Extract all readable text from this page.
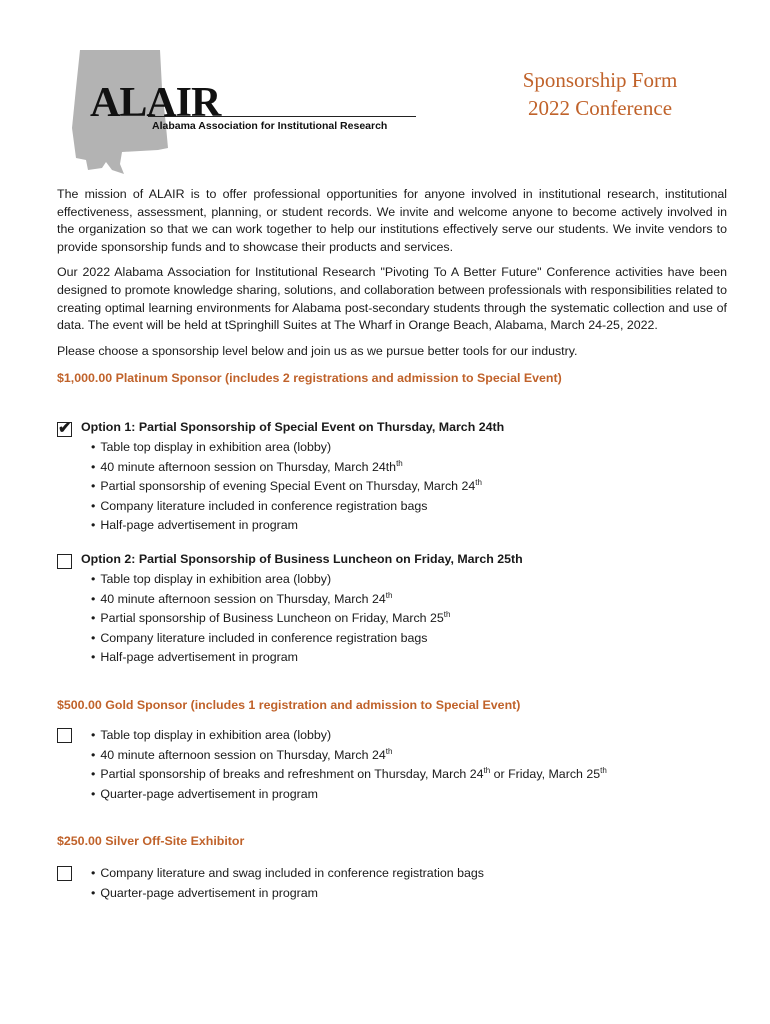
ALAIR
Alabama Association for Institutional Research
Sponsorship Form
2022 Conference

The mission of ALAIR is to offer professional opportunities for anyone involved in institutional research, institutional effectiveness, assessment, planning, or student records. We invite and welcome anyone to become actively involved in the organization so that we can work together to help our institutions effectively serve our students. We invite vendors to provide sponsorship funds and to showcase their products and services.

Our 2022 Alabama Association for Institutional Research "Pivoting To A Better Future" Conference activities have been designed to promote knowledge sharing, solutions, and collaboration between professionals with responsibilities related to creating optimal learning environments for Alabama post-secondary students through the systematic collection and use of data. The event will be held at tSpringhill Suites at The Wharf in Orange Beach, Alabama, March 24-25, 2022.

Please choose a sponsorship level below and join us as we pursue better tools for our industry.

$1,000.00 Platinum Sponsor (includes 2 registrations and admission to Special Event)
✔ Option 1: Partial Sponsorship of Special Event on Thursday, March 24th
• Table top display in exhibition area (lobby)
• 40 minute afternoon session on Thursday, March $24th^{th}$
• Partial sponsorship of evening Special Event on Thursday, March 24th
• Company literature included in conference registration bags
• Half-page advertisement in program
Option 2: Partial Sponsorship of Business Luncheon on Friday, March 25th
• Table top display in exhibition area (lobby)
• 40 minute afternoon session on Thursday, March 24th
• Partial sponsorship of Business Luncheon on Friday, March 25th
• Company literature included in conference registration bags
• Half-page advertisement in program
$500.00 Gold Sponsor (includes 1 registration and admission to Special Event)
• Table top display in exhibition area (lobby)
• 40 minute afternoon session on Thursday, March 24th
• Partial sponsorship of breaks and refreshment on Thursday, March 24th or Friday, March 25th
• Quarter-page advertisement in program
$250.00 Silver Off-Site Exhibitor
• Company literature and swag included in conference registration bags
• Quarter-page advertisement in program
